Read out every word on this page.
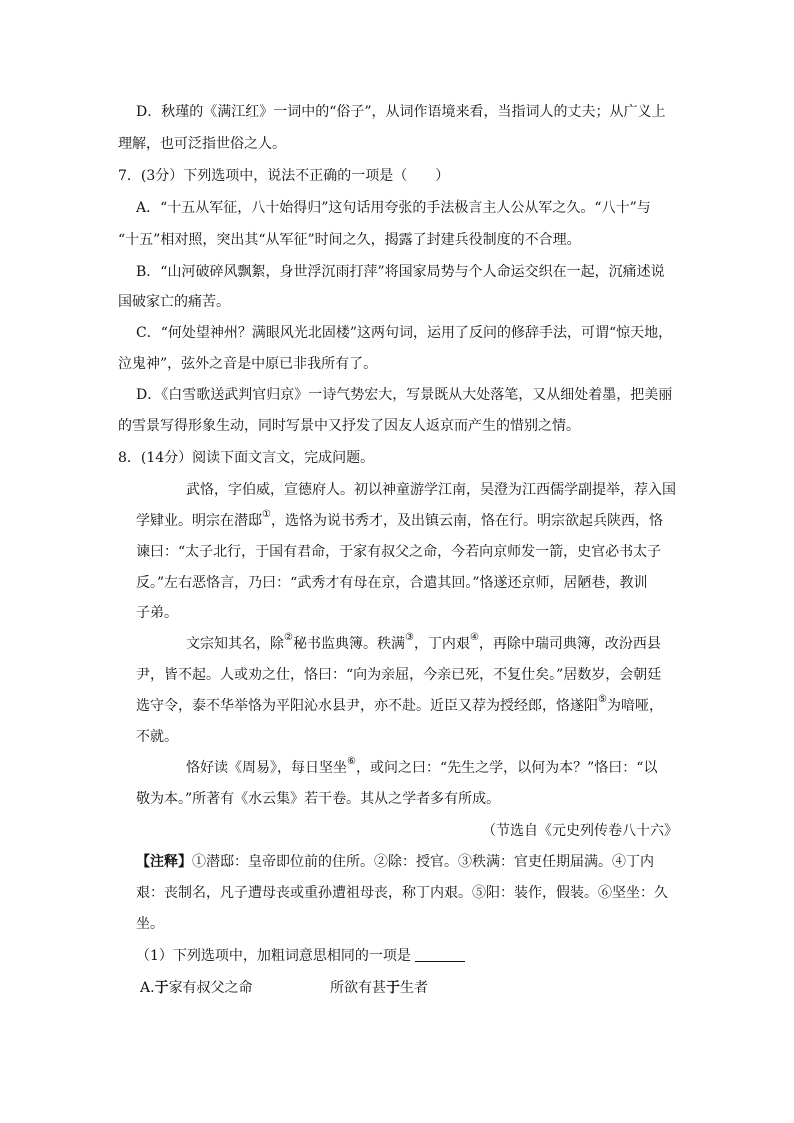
D．秋瑾的《满江红》一词中的“俗子”，从词作语境来看，当指词人的丈夫；从广义上
理解，也可泛指世俗之人。
7．(3分）下列选项中，说法不正确的一项是（　　）
A．“十五从军征，八十始得归”这句话用夸张的手法极言主人公从军之久。“八十”与
“十五”相对照，突出其“从军征”时间之久，揭露了封建兵役制度的不合理。
B．“山河破碎风飘絮，身世浮沉雨打萍”将国家局势与个人命运交织在一起，沉痛述说
国破家亡的痛苦。
C．“何处望神州？满眼风光北固楼”这两句词，运用了反问的修辞手法，可谓“惊天地，
泣鬼神”，弦外之音是中原已非我所有了。
D．《白雪歌送武判官归京》一诗气势宏大，写景既从大处落笔，又从细处着墨，把美丽
的雪景写得形象生动，同时写景中又抒发了因友人返京而产生的惜别之情。
8．(14分）阅读下面文言文，完成问题。
武恪，字伯威，宣德府人。初以神童游学江南，吴澄为江西儒学副提举，荐入国
学肄业。明宗在潜邸①，选恪为说书秀才，及出镇云南，恪在行。明宗欲起兵陕西，恪
谏曰：“太子北行，于国有君命，于家有叔父之命，今若向京师发一箭，史官必书太子
反。”左右恶恪言，乃曰：“武秀才有母在京，合遣其回。”恪遂还京师，居陋巷，教训
子弟。
文宗知其名，除②秘书监典簿。秩满③，丁内艰④，再除中瑞司典簿，改汾西县
尹，皆不起。人或劝之仕，恪曰：“向为亲屈，今亲已死，不复仕矣。”居数岁，会朝廷
选守令，泰不华举恪为平阳沁水县尹，亦不赴。近臣又荐为授经郎，恪遂阳⑤为喑哑，
不就。
恪好读《周易》，每日坚坐⑥，或问之曰：“先生之学，以何为本？”恪曰：“以
敬为本。”所著有《水云集》若干卷。其从之学者多有所成。
（节选自《元史列传卷八十六》
【注释】①潜邸：皇帝即位前的住所。②除：授官。③秩满：官吏任期届满。④丁内
艰：丧制名，凡子遭母丧或重孙遭祖母丧，称丁内艰。⑤阳：装作，假装。⑥坚坐：久
坐。
（1）下列选项中，加粗词意思相同的一项是
A.于家有叔父之命	所欲有甚于生者
